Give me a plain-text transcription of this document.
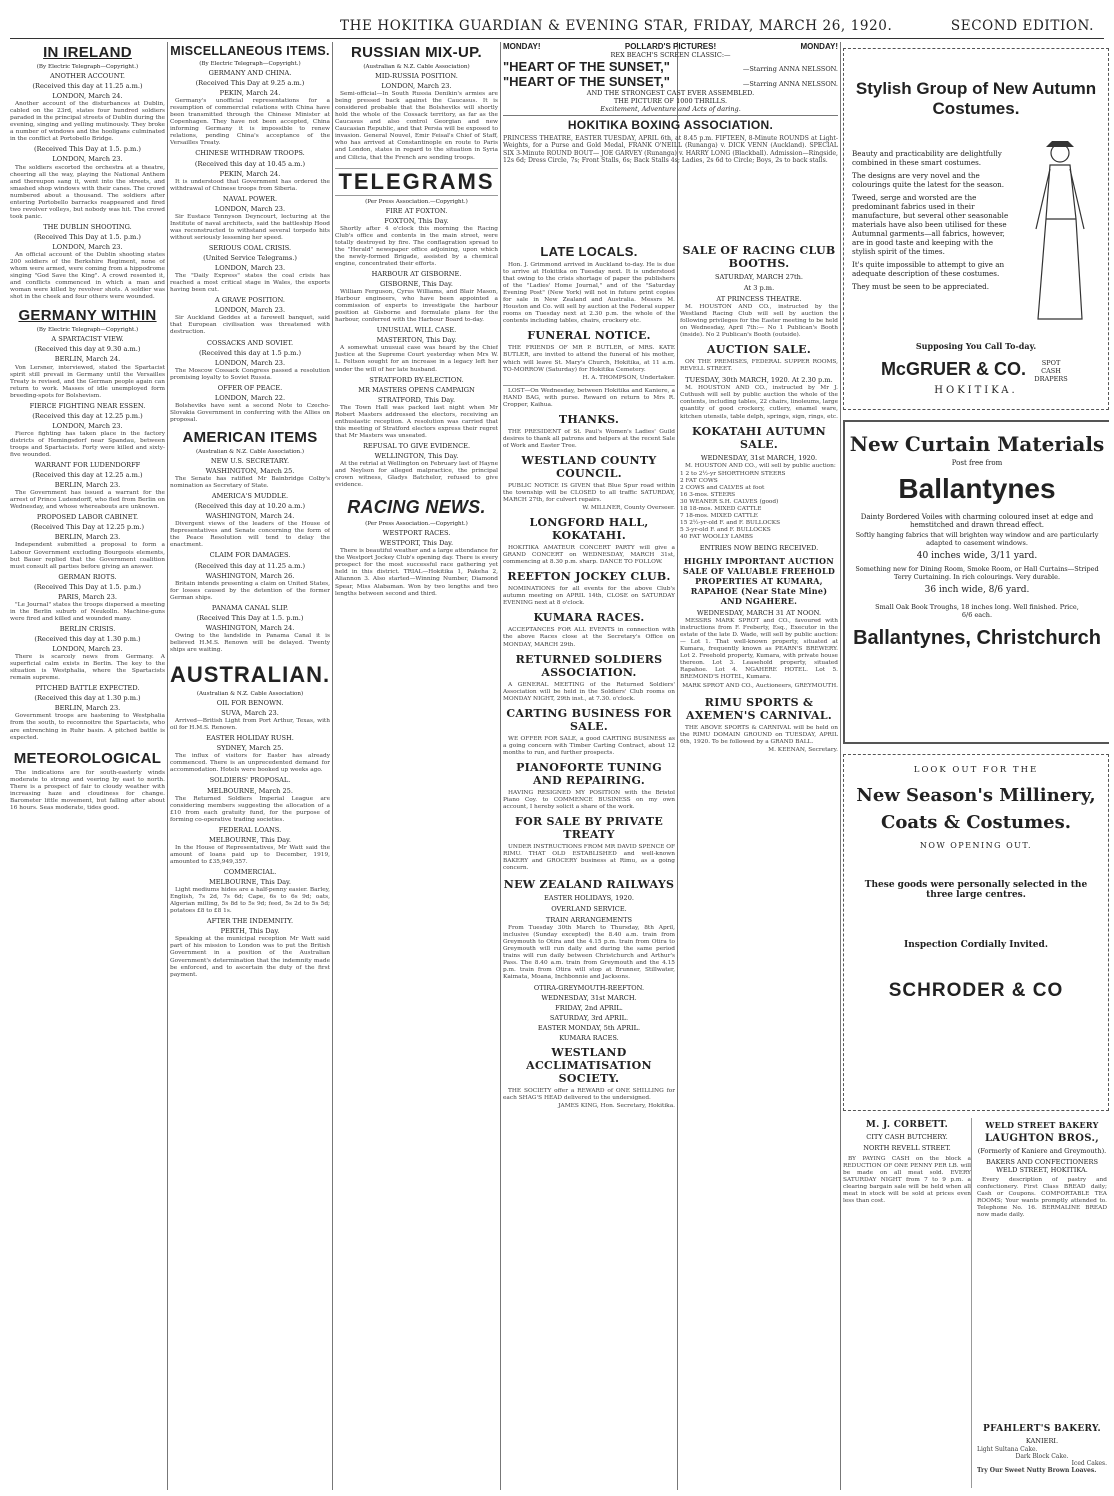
THE HOKITIKA GUARDIAN & EVENING STAR, FRIDAY, MARCH 26, 1920.	SECOND EDITION.
IN IRELAND
(By Electric Telegraph—Copyright.)
ANOTHER ACCOUNT.
(Received this day at 11.25 a.m.)
LONDON, March 24.

Another account of the disturbances at Dublin, cabled on the 23rd, states four hundred soldiers paraded in the principal streets of Dublin during the evening, singing and yelling mutinously. They broke a number of windows and the hooligans culminated in the conflict at Portobello Bridge.

(Received This Day at 1.5. p.m.)
LONDON, March 23.

The soldiers escorted the orchestra at a theatre, cheering all the way, playing the National Anthem and thereupon sang it, went into the streets, and smashed shop windows with their canes. The crowd numbered about a thousand. The soldiers after entering Portobello barracks reappeared and fired two revolver volleys, but nobody was hit. The crowd took panic.

THE DUBLIN SHOOTING.
(Received This Day at 1.5. p.m.)
LONDON, March 23.

An official account of the Dublin shooting states 200 soldiers of the Berkshire Regiment, none of whom were armed, were coming from a hippodrome singing "God Save the King". A crowd resented it, and conflicts commenced in which a man and woman were killed by revolver shots. A soldier was shot in the cheek and four others were wounded.

GERMANY WITHIN
(By Electric Telegraph—Copyright.)
A SPARTACIST VIEW.
(Received this day at 9.30 a.m.)
BERLIN, March 24.

Von Lersner, interviewed, stated the Spartacist spirit still prevail in Germany until the Versailles Treaty is revised, and the German people again can return to work. Masses of idle unemployed form breeding-spots for Bolshevism.

FIERCE FIGHTING NEAR ESSEN.
(Received this day at 12.25 p.m.)
LONDON, March 23.

Fierce fighting has taken place in the factory districts of Hemingsdorf near Spandau, between troops and Spartacists. Forty were killed and sixty-five wounded.

WARRANT FOR LUDENDORFF
(Received this day at 12.25 a.m.)
BERLIN, March 23.

The Government has issued a warrant for the arrest of Prince Ludendorff, who fled from Berlin on Wednesday, and whose whereabouts are unknown.

PROPOSED LABOR CABINET.
(Received This Day at 12.25 p.m.)
BERLIN, March 23.

Independent submitted a proposal to form a Labour Government excluding Bourgeois elements, but Bauer replied that the Government coalition must consult all parties before giving an answer.

GERMAN RIOTS.
(Received This Day at 1.5. p.m.)
PARIS, March 23.

"Le Journal" states the troops dispersed a meeting in the Berlin suburb of Neukolln. Machine-guns were fired and killed and wounded many.

BERLIN CRISIS.
(Received this day at 1.30 p.m.)
LONDON, March 23.

There is scarcely news from Germany. A superficial calm exists in Berlin. The key to the situation is Westphalia, where the Spartacists remain supreme.

PITCHED BATTLE EXPECTED.
(Received this day at 1.30 p.m.)
BERLIN, March 23.

Government troops are hastening to Westphalia from the south, to reconnoitre the Spartacists, who are entrenching in Ruhr basin. A pitched battle is expected.

METEOROLOGICAL

The indications are for south-easterly winds moderate to strong and veering by east to north. There is a prospect of fair to cloudy weather with increasing haze and cloudiness for change. Barometer little movement, but falling after about 16 hours. Seas moderate, tides good.

MISCELLANEOUS ITEMS.
(By Electric Telegraph—Copyright.)
GERMANY AND CHINA.
(Received This Day at 9.25 a.m.)
PEKIN, March 24.

Germany's unofficial representations for a resumption of commercial relations with China have been transmitted through the Chinese Minister at Copenhagen. They have not been accepted, China informing Germany it is impossible to renew relations, pending China's acceptance of the Versailles Treaty.

CHINESE WITHDRAW TROOPS.
(Received this day at 10.45 a.m.)
PEKIN, March 24.

It is understood that Government has ordered the withdrawal of Chinese troops from Siberia.

NAVAL POWER.
LONDON, March 23.

Sir Eustace Tennyson Deyncourt, lecturing at the Institute of naval architects, said the battleship Hood was reconstructed to withstand several torpedo hits without seriously lessening her speed.

SERIOUS COAL CRISIS.
(United Service Telegrams.)
LONDON, March 23.

The "Daily Express" states the coal crisis has reached a most critical stage in Wales, the exports having been cut.

A GRAVE POSITION.
LONDON, March 23.

Sir Auckland Geddes at a farewell banquet, said that European civilisation was threatened with destruction.

COSSACKS AND SOVIET.
(Received this day at 1.5 p.m.)
LONDON, March 23.

The Moscow Cossack Congress passed a resolution promising loyalty to Soviet Russia.

OFFER OF PEACE.
LONDON, March 22.

Bolsheviks have sent a second Note to Czecho-Slovakia Government in conferring with the Allies on proposal.

AMERICAN ITEMS
(Australian & N.Z. Cable Association.)
NEW U.S. SECRETARY.
WASHINGTON, March 25.

The Senate has ratified Mr Bainbridge Colby's nomination as Secretary of State.

AMERICA'S MUDDLE.
(Received this day at 10.20 a.m.)
WASHINGTON, March 24.

Divergent views of the leaders of the House of Representatives and Senate concerning the form of the Peace Resolution will tend to delay the enactment.

CLAIM FOR DAMAGES.
(Received this day at 11.25 a.m.)
WASHINGTON, March 26.

Britain intends presenting a claim on United States, for losses caused by the detention of the former German ships.

PANAMA CANAL SLIP.
(Received This Day at 1.5. p.m.)
WASHINGTON, March 24.

Owing to the landslide in Panama Canal it is believed H.M.S. Renown will be delayed. Twenty ships are waiting.

AUSTRALIAN.
(Australian & N.Z. Cable Association)
OIL FOR BENOWN.
SUVA, March 23.

Arrived—British Light from Port Arthur, Texas, with oil for H.M.S. Renown.

EASTER HOLIDAY RUSH.
SYDNEY, March 25.

The influx of visitors for Easter has already commenced. There is an unprecedented demand for accommodation. Hotels were booked up weeks ago.

SOLDIERS' PROPOSAL.
MELBOURNE, March 25.

The Returned Soldiers Imperial League are considering members suggesting the allocation of a £10 from each gratuity fund, for the purpose of forming co-operative trading societies.

FEDERAL LOANS.
MELBOURNE, This Day.

In the House of Representatives, Mr Watt said the amount of loans paid up to December, 1919, amounted to £35,949,357.

COMMERCIAL.
MELBOURNE, This Day.

Light mediums hides are a half-penny easier. Barley, English, 7s 2d, 7s 6d; Cape, 6s to 6s 9d; oats, Algerian milling, 5s 8d to 5s 9d; feed, 5s 2d to 5s 5d; potatoes £8 to £8 1s.

AFTER THE INDEMNITY.
PERTH, This Day.

Speaking at the municipal reception Mr Watt said part of his mission to London was to put the British Government in a position of the Australian Government's determination that the indemnity made be enforced, and to ascertain the duty of the first payment.

RUSSIAN MIX-UP.
(Australian & N.Z. Cable Association)
MID-RUSSIA POSITION.
LONDON, March 23.

Semi-official—In South Russia Denikin's armies are being pressed back against the Caucasus. It is considered probable that the Bolsheviks will shortly hold the whole of the Cossack territory, as far as the Caucasus and also control Georgian and new Caucasian Republic, and that Persia will be exposed to invasion. General Nouvel, Emir Feisal's Chief of Staff, who has arrived at Constantinople en route to Paris and London, states in regard to the situation in Syria and Cilicia, that the French are sending troops.

TELEGRAMS
(Per Press Association.—Copyright.)
FIRE AT FOXTON.
FOXTON, This Day.

Shortly after 4 o'clock this morning the Racing Club's office and contents in the main street, were totally destroyed by fire. The conflagration spread to the "Herald" newspaper office adjoining, upon which the newly-formed Brigade, assisted by a chemical engine, concentrated their efforts.

HARBOUR AT GISBORNE.
GISBORNE, This Day.

William Ferguson, Cyrus Williams, and Blair Mason, Harbour engineers, who have been appointed a commission of experts to investigate the harbour position at Gisborne and formulate plans for the harbour, conferred with the Harbour Board to-day.

UNUSUAL WILL CASE.
MASTERTON, This Day.

A somewhat unusual case was heard by the Chief Justice at the Supreme Court yesterday when Mrs W. L. Feltson sought for an increase in a legacy left her under the will of her late husband.

STRATFORD BY-ELECTION.
MR MASTERS OPENS CAMPAIGN
STRATFORD, This Day.

The Town Hall was packed last night when Mr Robert Masters addressed the electors, receiving an enthusiastic reception. A resolution was carried that this meeting of Stratford electors express their regret that Mr Masters was unseated.

REFUSAL TO GIVE EVIDENCE.
WELLINGTON, This Day.

At the retrial at Wellington on February last of Hayne and Neylson for alleged malpractice, the principal crown witness, Gladys Batchelor, refused to give evidence.

RACING NEWS.
(Per Press Association.—Copyright.)
WESTPORT RACES.
WESTPORT, This Day.

There is beautiful weather and a large attendance for the Westport Jockey Club's opening day. There is every prospect for the most successful race gathering yet held in this district. TRIAL—Hokitika 1, Pakeha 2, Aliannon 3. Also started—Winning Number, Diamond Spear, Miss Alabaman. Won by two lengths and two lengths between second and third.

MONDAY!	POLLARD'S PICTURES!	MONDAY!
REX BEACH'S SCREEN CLASSIC:—
"HEART OF THE SUNSET,"	—Starring ANNA NELSSON.
"HEART OF THE SUNSET,"	—Starring ANNA NELSSON.
AND THE STRONGEST CAST EVER ASSEMBLED.
THE PICTURE OF 1000 THRILLS.
Excitement, Adventure and Acts of daring.
HOKITIKA BOXING ASSOCIATION.
PRINCESS THEATRE, EASTER TUESDAY, APRIL 6th, at 8.45 p.m. FIFTEEN, 8-Minute ROUNDS at Light-Weights, for a Purse and Gold Medal, FRANK O'NEILL (Runanga) v. DICK VENN (Auckland). SPECIAL SIX 3-Minute ROUND BOUT— JOE GARVEY (Runanga) v. HARRY LONG (Blackball). Admission—Ringside, 12s 6d; Dress Circle, 7s; Front Stalls, 6s; Back Stalls 4s; Ladies, 2s 6d to Circle; Boys, 2s to back stalls.
LATE LOCALS.

Hon. J. Grimmond arrived in Auckland to-day. He is due to arrive at Hokitika on Tuesday next. It is understood that owing to the crisis shortage of paper the publishers of the "Ladies' Home Journal," and of the "Saturday Evening Post" (New York) will not in future print copies for sale in New Zealand and Australia. Messrs M. Houston and Co. will sell by auction at the Federal supper rooms on Tuesday next at 2.30 p.m. the whole of the contents including tables, chairs, crockery etc.

FUNERAL NOTICE.

THE FRIENDS OF MR P. BUTLER, of MRS. KATE BUTLER, are invited to attend the funeral of his mother, which will leave St. Mary's Church, Hokitika, at 11 a.m. TO-MORROW (Saturday) for Hokitika Cemetery.

H. A. THOMPSON, Undertaker.

LOST—On Wednesday, between Hokitika and Kaniere, a HAND BAG, with purse. Reward on return to Mrs R. Cropper, Kaihua.

THANKS.

THE PRESIDENT of St. Paul's Women's Ladies' Guild desires to thank all patrons and helpers at the recent Sale of Work and Easter Tree.

WESTLAND COUNTY COUNCIL.

PUBLIC NOTICE IS GIVEN that Blue Spur road within the township will be CLOSED to all traffic SATURDAY, MARCH 27th, for culvert repairs.

W. MILLNER, County Overseer.
LONGFORD HALL, KOKATAHI.

HOKITIKA AMATEUR CONCERT PARTY will give a GRAND CONCERT on WEDNESDAY, MARCH 31st, commencing at 8.30 p.m. sharp. DANCE TO FOLLOW.

REEFTON JOCKEY CLUB.

NOMINATIONS for all events for the above Club's autumn meeting on APRIL 14th, CLOSE on SATURDAY EVENING next at 8 o'clock.

KUMARA RACES.

ACCEPTANCES FOR ALL EVENTS in connection with the above Races close at the Secretary's Office on MONDAY, MARCH 29th.

RETURNED SOLDIERS ASSOCIATION.

A GENERAL MEETING of the Returned Soldiers' Association will be held in the Soldiers' Club rooms on MONDAY NIGHT, 29th inst., at 7.30. o'clock.

CARTING BUSINESS FOR SALE.

WE OFFER FOR SALE, a good CARTING BUSINESS as a going concern with Timber Carting Contract, about 12 months to run, and further prospects.

PIANOFORTE TUNING AND REPAIRING.

HAVING RESIGNED MY POSITION with the Bristol Piano Coy. to COMMENCE BUSINESS on my own account, I hereby solicit a share of the work.

FOR SALE BY PRIVATE TREATY

UNDER INSTRUCTIONS FROM MR DAVID SPENCE OF RIMU. THAT OLD ESTABLISHED and well-known BAKERY and GROCERY business at Rimu, as a going concern.

NEW ZEALAND RAILWAYS
EASTER HOLIDAYS, 1920.
OVERLAND SERVICE.
TRAIN ARRANGEMENTS

From Tuesday 30th March to Thursday, 8th April, inclusive (Sunday excepted) the 8.40 a.m. train from Greymouth to Otira and the 4.15 p.m. train from Otira to Greymouth will run daily and during the same period trains will run daily between Christchurch and Arthur's Pass. The 8.40 a.m. train from Greymouth and the 4.15 p.m. train from Otira will stop at Brunner, Stillwater, Kaimata, Moana, Inchbonnie and Jacksons.

OTIRA-GREYMOUTH-REEFTON.
WEDNESDAY, 31st MARCH.
FRIDAY, 2nd APRIL.
SATURDAY, 3rd APRIL.
EASTER MONDAY, 5th APRIL.
KUMARA RACES.
WESTLAND ACCLIMATISATION SOCIETY.

THE SOCIETY offer a REWARD of ONE SHILLING for each SHAG'S HEAD delivered to the undersigned.

JAMES KING, Hon. Secretary, Hokitika.
SALE OF RACING CLUB BOOTHS.
SATURDAY, MARCH 27th.
At 3 p.m.
AT PRINCESS THEATRE.

M. HOUSTON AND CO., instructed by the Westland Racing Club will sell by auction the following privileges for the Easter meeting to be held on Wednesday, April 7th:— No 1 Publican's Booth (inside). No 2 Publican's Booth (outside).

AUCTION SALE.

ON THE PREMISES, FEDERAL SUPPER ROOMS, REVELL STREET.

TUESDAY, 30th MARCH, 1920. At 2.30 p.m.

M. HOUSTON AND CO., instructed by Mr J. Cuthush will sell by public auction the whole of the contents, including tables, 22 chairs, linoleums, large quantity of good crockery, cutlery, enamel ware, kitchen utensils, table delph, springs, sign, rings, etc.

KOKATAHI AUTUMN SALE.
WEDNESDAY, 31st MARCH, 1920.

M. HOUSTON AND CO., will sell by public auction:

1 2 to 2½-yr SHORTHORN STEERS
2 FAT COWS
2 COWS and CALVES at foot
16 3-mos. STEERS
30 WEANER S.H. CALVES (good)
18 18-mos. MIXED CATTLE
7 18-mos. MIXED CATTLE
15 2½-yr-old F. and F. BULLOCKS
5 3-yr-old F. and F. BULLOCKS
40 FAT WOOLLY LAMBS
ENTRIES NOW BEING RECEIVED.
HIGHLY IMPORTANT AUCTION SALE OF VALUABLE FREEHOLD PROPERTIES AT KUMARA, RAPAHOE (Near State Mine) AND NGAHERE.
WEDNESDAY, MARCH 31 AT NOON.

MESSRS MARK SPROT and CO., favoured with instructions from F. Freberty, Esq., Executor in the estate of the late D. Wade, will sell by public auction:— Lot 1. That well-known property, situated at Kumara, frequently known as PEARN'S BREWERY. Lot 2. Freehold property, Kumara, with private house thereon. Lot 3. Leasehold property, situated Rapahoe. Lot 4. NGAHERE HOTEL. Lot 5. BREMOND'S HOTEL, Kumara.

MARK SPROT AND CO., Auctioneers, GREYMOUTH.
RIMU SPORTS & AXEMEN'S CARNIVAL.

THE ABOVE SPORTS & CARNIVAL will be held on the RIMU DOMAIN GROUND on TUESDAY, APRIL 6th, 1920. To be followed by a GRAND BALL.

M. KEENAN, Secretary.
Stylish Group of New Autumn Costumes.

Beauty and practicability are delightfully combined in these smart costumes.

The designs are very novel and the colourings quite the latest for the season.

Tweed, serge and worsted are the predominant fabrics used in their manufacture, but several other seasonable materials have also been utilised for these Autumnal garments—all fabrics, however, are in good taste and keeping with the stylish spirit of the times.

It's quite impossible to attempt to give an adequate description of these costumes.

They must be seen to be appreciated.

Supposing You Call To-day.
McGRUER & CO. SPOT CASH DRAPERS
HOKITIKA.
New Curtain Materials
Post free from
Ballantynes
Dainty Bordered Voiles with charming coloured inset at edge and hemstitched and drawn thread effect.
Softly hanging fabrics that will brighten way window and are particularly adapted to casement windows.
40 inches wide, 3/11 yard.
Something new for Dining Room, Smoke Room, or Hall Curtains—Striped Terry Curtaining. In rich colourings. Very durable.
36 inch wide, 8/6 yard.
Small Oak Book Troughs, 18 inches long. Well finished. Price, 6/6 each.
Ballantynes, Christchurch
LOOK OUT FOR THE
New Season's Millinery,
Coats & Costumes.
NOW OPENING OUT.
These goods were personally selected in the three large centres.
Inspection Cordially Invited.
SCHRODER & CO
M. J. CORBETT.
CITY CASH BUTCHERY.
NORTH REVELL STREET.

BY PAYING CASH on the block a REDUCTION OF ONE PENNY PER LB. will be made on all meat sold. EVERY SATURDAY NIGHT from 7 to 9 p.m. a clearing bargain sale will be held when all meat in stock will be sold at prices even less than cost.

WELD STREET BAKERY
LAUGHTON BROS.,
(Formerly of Kaniere and Greymouth).
BAKERS AND CONFECTIONERS WELD STREET, HOKITIKA.

Every description of pastry and confectionery. First Class BREAD daily; Cash or Coupons. COMFORTABLE TEA ROOMS; Your wants promptly attended to. Telephone No. 16. BERMALINE BREAD now made daily.

PFAHLERT'S BAKERY.
KANIERI.
Light Sultana Cake.
Dark Block Cake.
Iced Cakes.
Try Our Sweet Nutty Brown Loaves.
